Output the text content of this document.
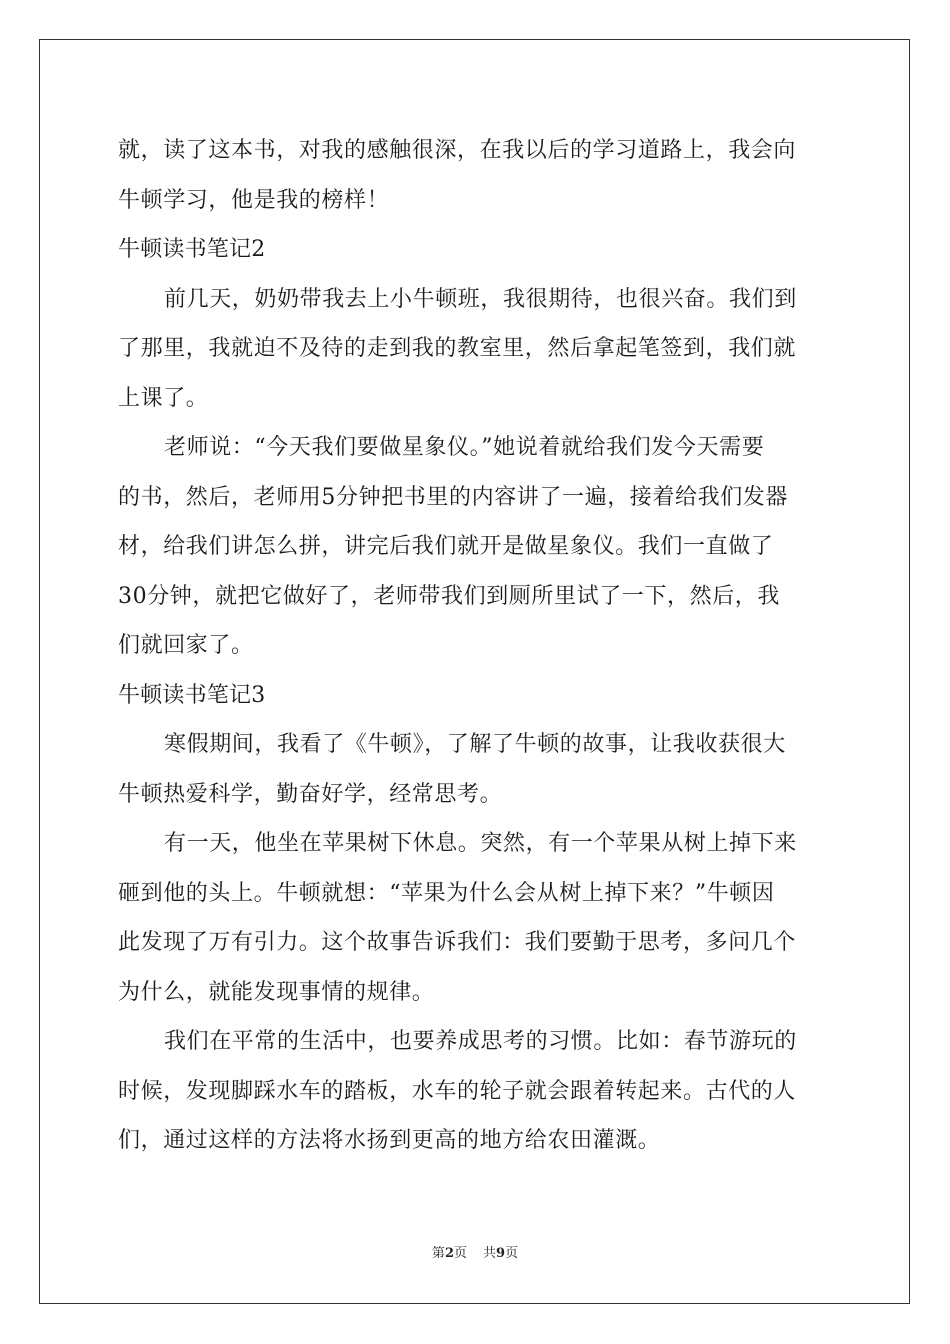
就，读了这本书，对我的感触很深，在我以后的学习道路上，我会向
牛顿学习，他是我的榜样！
牛顿读书笔记2
前几天，奶奶带我去上小牛顿班，我很期待，也很兴奋。我们到
了那里，我就迫不及待的走到我的教室里，然后拿起笔签到，我们就
上课了。
老师说：“今天我们要做星象仪。”她说着就给我们发今天需要
的书，然后，老师用5分钟把书里的内容讲了一遍，接着给我们发器
材，给我们讲怎么拼，讲完后我们就开是做星象仪。我们一直做了
30分钟，就把它做好了，老师带我们到厕所里试了一下，然后，我
们就回家了。
牛顿读书笔记3
寒假期间，我看了《牛顿》，了解了牛顿的故事，让我收获很大
牛顿热爱科学，勤奋好学，经常思考。
有一天，他坐在苹果树下休息。突然，有一个苹果从树上掉下来
砸到他的头上。牛顿就想：“苹果为什么会从树上掉下来？”牛顿因
此发现了万有引力。这个故事告诉我们：我们要勤于思考，多问几个
为什么，就能发现事情的规律。
我们在平常的生活中，也要养成思考的习惯。比如：春节游玩的
时候，发现脚踩水车的踏板，水车的轮子就会跟着转起来。古代的人
们，通过这样的方法将水扬到更高的地方给农田灌溉。
第2页 共9页
